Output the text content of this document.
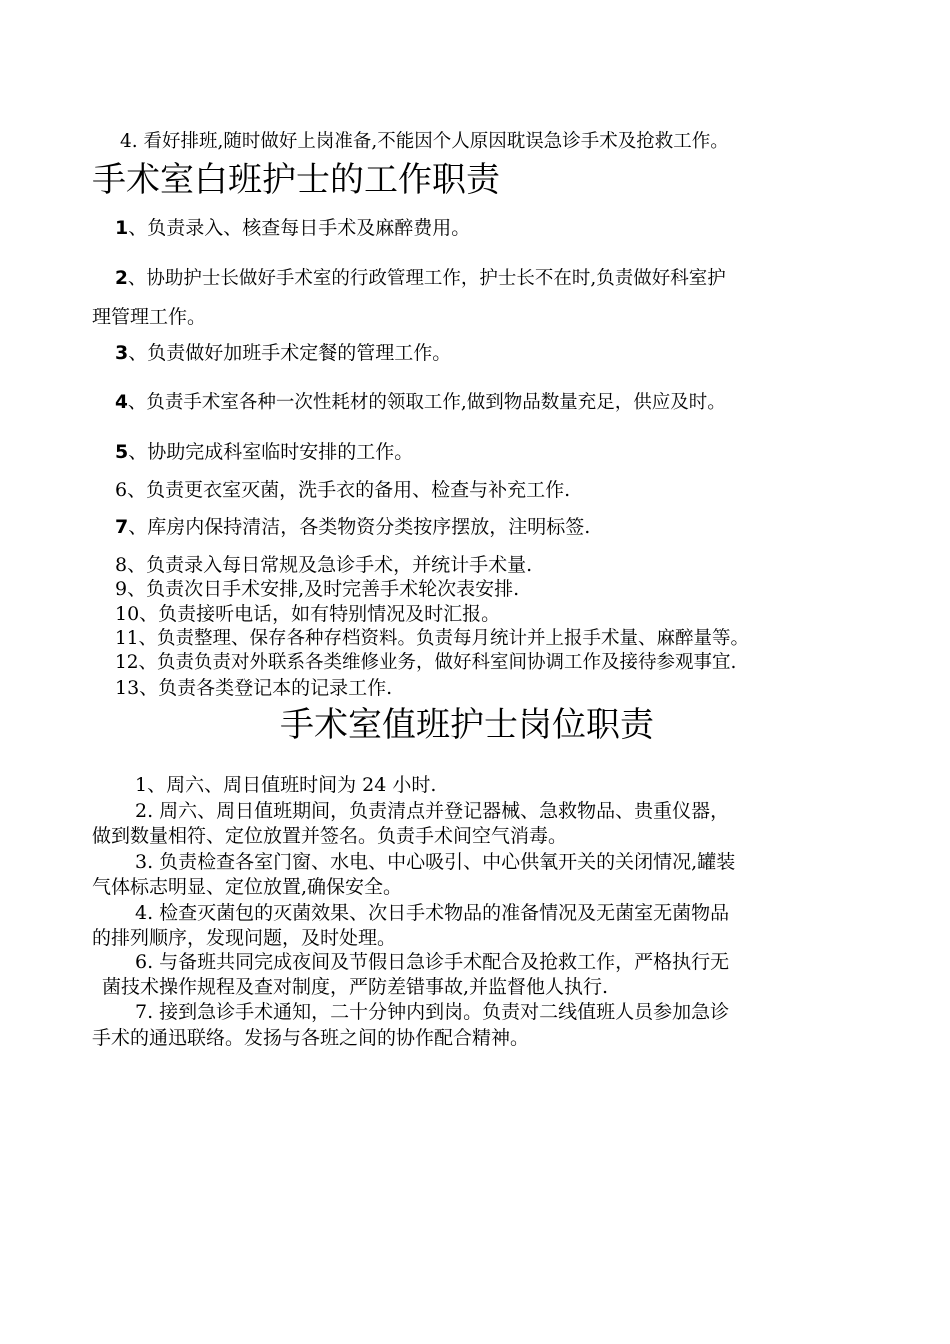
4. 看好排班,随时做好上岗准备,不能因个人原因耽误急诊手术及抢救工作。
手术室白班护士的工作职责
1、负责录入、核查每日手术及麻醉费用。
2、协助护士长做好手术室的行政管理工作，护士长不在时,负责做好科室护
理管理工作。
3、负责做好加班手术定餐的管理工作。
4、负责手术室各种一次性耗材的领取工作,做到物品数量充足，供应及时。
5、协助完成科室临时安排的工作。
6、负责更衣室灭菌，洗手衣的备用、检查与补充工作.
7、库房内保持清洁，各类物资分类按序摆放，注明标签.
8、负责录入每日常规及急诊手术，并统计手术量.
9、负责次日手术安排,及时完善手术轮次表安排.
10、负责接听电话，如有特别情况及时汇报。
11、负责整理、保存各种存档资料。负责每月统计并上报手术量、麻醉量等。
12、负责负责对外联系各类维修业务，做好科室间协调工作及接待参观事宜.
13、负责各类登记本的记录工作.
手术室值班护士岗位职责
1、周六、周日值班时间为 24 小时.
2. 周六、周日值班期间，负责清点并登记器械、急救物品、贵重仪器，
做到数量相符、定位放置并签名。负责手术间空气消毒。
3. 负责检查各室门窗、水电、中心吸引、中心供氧开关的关闭情况,罐装
气体标志明显、定位放置,确保安全。
4. 检查灭菌包的灭菌效果、次日手术物品的准备情况及无菌室无菌物品
的排列顺序，发现问题，及时处理。
6. 与备班共同完成夜间及节假日急诊手术配合及抢救工作，严格执行无
菌技术操作规程及查对制度，严防差错事故,并监督他人执行.
7. 接到急诊手术通知，二十分钟内到岗。负责对二线值班人员参加急诊
手术的通迅联络。发扬与各班之间的协作配合精神。
